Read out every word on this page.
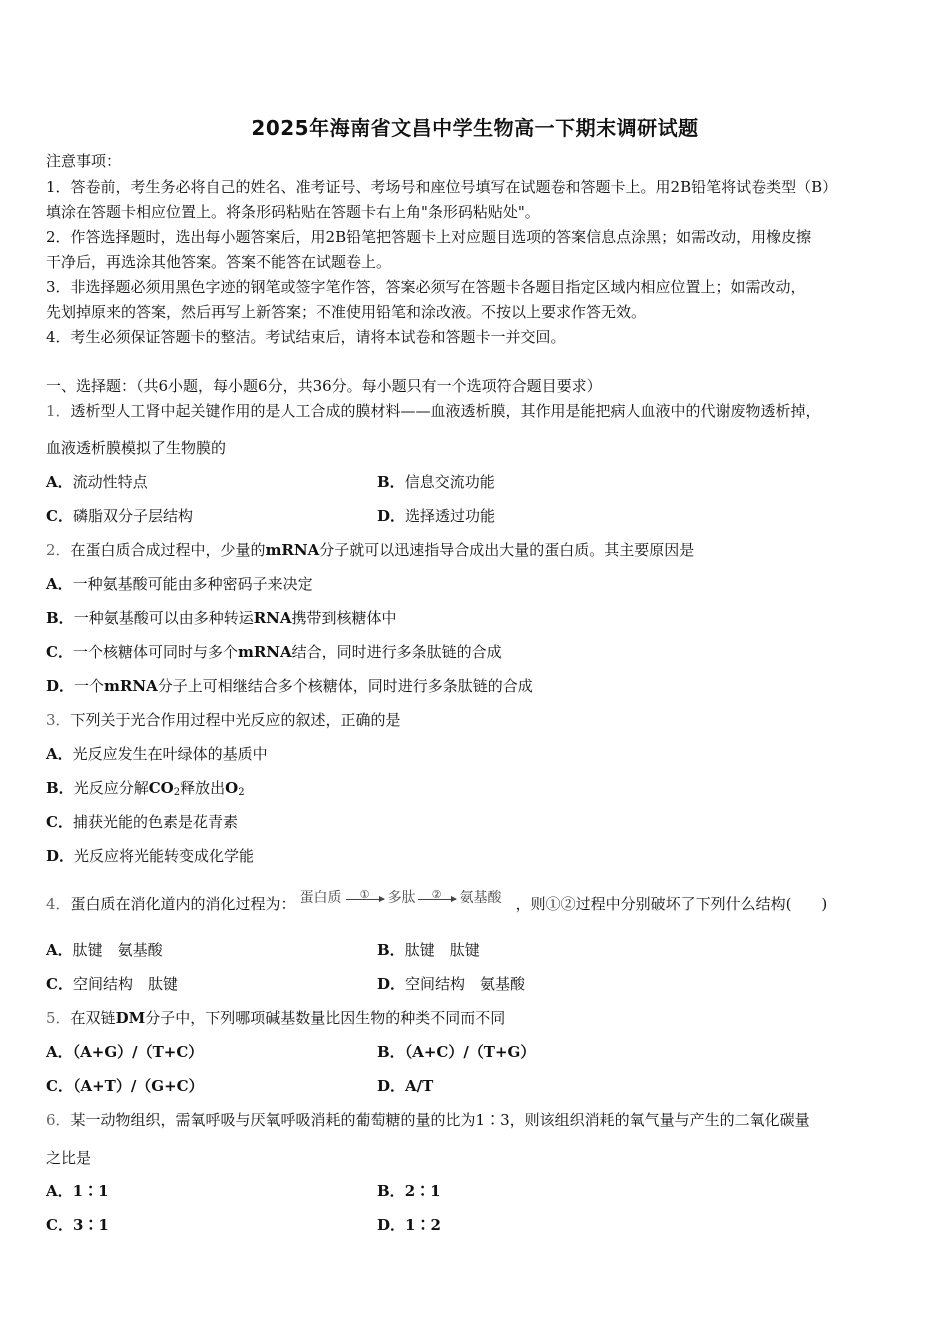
2025年海南省文昌中学生物高一下期末调研试题
注意事项：
1．答卷前，考生务必将自己的姓名、准考证号、考场号和座位号填写在试题卷和答题卡上。用2B铅笔将试卷类型（B）
填涂在答题卡相应位置上。将条形码粘贴在答题卡右上角"条形码粘贴处"。
2．作答选择题时，选出每小题答案后，用2B铅笔把答题卡上对应题目选项的答案信息点涂黑；如需改动，用橡皮擦
干净后，再选涂其他答案。答案不能答在试题卷上。
3．非选择题必须用黑色字迹的钢笔或签字笔作答，答案必须写在答题卡各题目指定区域内相应位置上；如需改动，
先划掉原来的答案，然后再写上新答案；不准使用铅笔和涂改液。不按以上要求作答无效。
4．考生必须保证答题卡的整洁。考试结束后，请将本试卷和答题卡一并交回。
一、选择题：（共6小题，每小题6分，共36分。每小题只有一个选项符合题目要求）
1．透析型人工肾中起关键作用的是人工合成的膜材料——血液透析膜，其作用是能把病人血液中的代谢废物透析掉，
血液透析膜模拟了生物膜的
A．流动性特点	B．信息交流功能
C．磷脂双分子层结构	D．选择透过功能
2．在蛋白质合成过程中，少量的mRNA分子就可以迅速指导合成出大量的蛋白质。其主要原因是
A．一种氨基酸可能由多种密码子来决定
B．一种氨基酸可以由多种转运RNA携带到核糖体中
C．一个核糖体可同时与多个mRNA结合，同时进行多条肽链的合成
D．一个mRNA分子上可相继结合多个核糖体，同时进行多条肽链的合成
3．下列关于光合作用过程中光反应的叙述，正确的是
A．光反应发生在叶绿体的基质中
B．光反应分解$CO_2$释放出$O_2$
C．捕获光能的色素是花青素
D．光反应将光能转变成化学能
4．蛋白质在消化道内的消化过程为： 蛋白质 ① 多肽 ② 氨基酸 ，则①②过程中分别破坏了下列什么结构(　　)
A．肽键　氨基酸	B．肽键　肽键
C．空间结构　肽键	D．空间结构　氨基酸
5．在双链DM分子中，下列哪项碱基数量比因生物的种类不同而不同
A．（A+G）/（T+C）	B．（A+C）/（T+G）
C．（A+T）/（G+C）	D．A/T
6．某一动物组织，需氧呼吸与厌氧呼吸消耗的葡萄糖的量的比为1∶3，则该组织消耗的氧气量与产生的二氧化碳量
之比是
A．1∶1	B．2∶1
C．3∶1	D．1∶2
